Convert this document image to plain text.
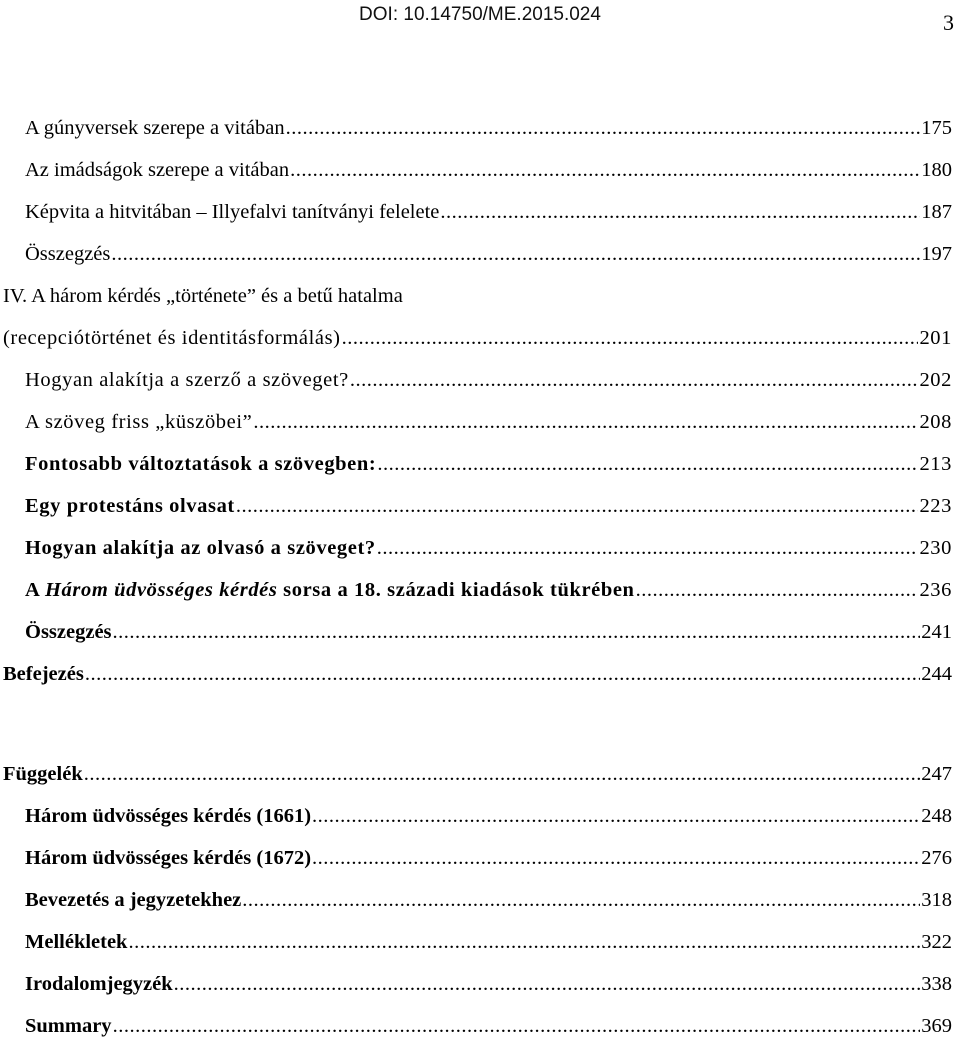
DOI: 10.14750/ME.2015.024	3
A gúnyversek szerepe a vitában .....	175
Az imádságok szerepe a vitában .....	180
Képvita a hitvitában – Illyefalvi tanítványi felelete .....	187
Összegzés .....	197
IV. A három kérdés „története” és a betű hatalma
(recepciótörténet és identitásformálás) .....	201
Hogyan alakítja a szerző a szöveget? .....	202
A szöveg friss „küszöbei” .....	208
Fontosabb változtatások a szövegben: .....	213
Egy protestáns olvasat .....	223
Hogyan alakítja az olvasó a szöveget? .....	230
A Három üdvösséges kérdés sorsa a 18. századi kiadások tükrében .....	236
Összegzés .....	241
Befejezés .....	244
Függelék .....	247
Három üdvösséges kérdés (1661) .....	248
Három üdvösséges kérdés (1672) .....	276
Bevezetés a jegyzetekhez .....	318
Mellékletek .....	322
Irodalomjegyzék .....	338
Summary .....	369
